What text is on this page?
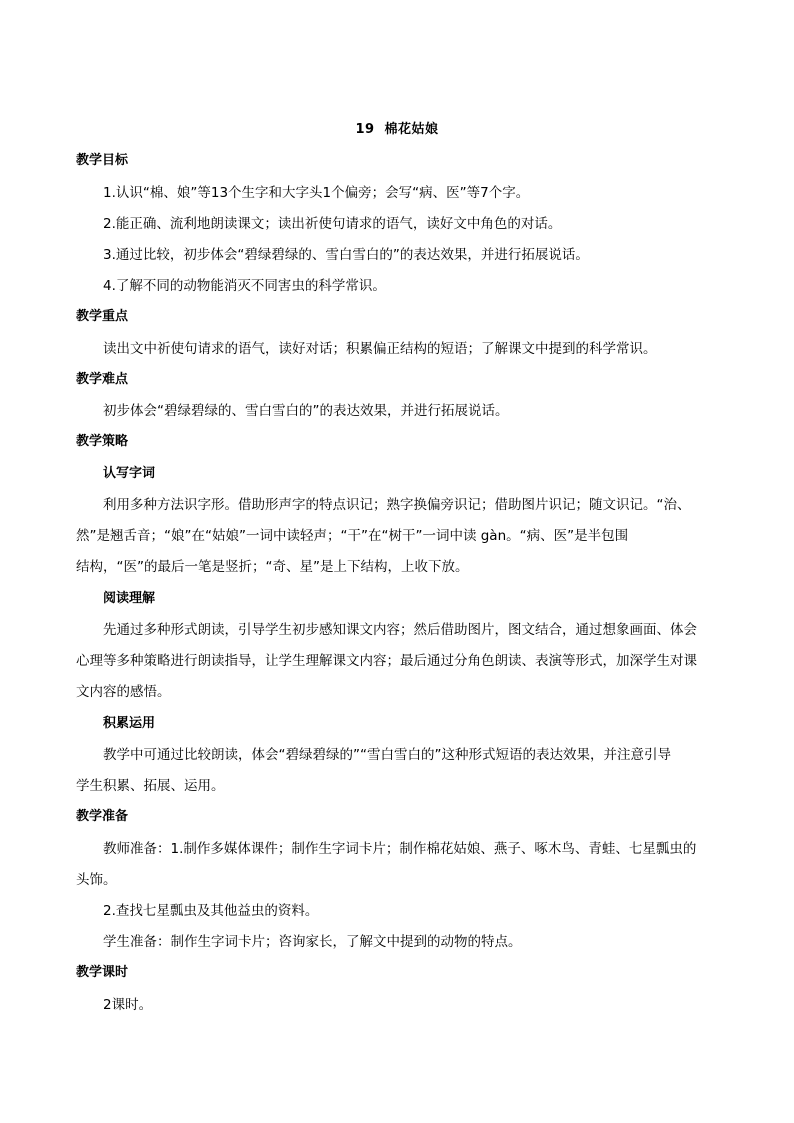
19 棉花姑娘
教学目标
1.认识“棉、娘”等13个生字和大字头1个偏旁；会写“病、医”等7个字。
2.能正确、流利地朗读课文；读出祈使句请求的语气，读好文中角色的对话。
3.通过比较，初步体会“碧绿碧绿的、雪白雪白的”的表达效果，并进行拓展说话。
4.了解不同的动物能消灭不同害虫的科学常识。
教学重点
读出文中祈使句请求的语气，读好对话；积累偏正结构的短语；了解课文中提到的科学常识。
教学难点
初步体会“碧绿碧绿的、雪白雪白的”的表达效果，并进行拓展说话。
教学策略
认写字词
利用多种方法识字形。借助形声字的特点识记；熟字换偏旁识记；借助图片识记；随文识记。“治、
然”是翘舌音；“娘”在“姑娘”一词中读轻声；“干”在“树干”一词中读 gàn。“病、医”是半包围
结构，“医”的最后一笔是竖折；“奇、星”是上下结构，上收下放。
阅读理解
先通过多种形式朗读，引导学生初步感知课文内容；然后借助图片，图文结合，通过想象画面、体会
心理等多种策略进行朗读指导，让学生理解课文内容；最后通过分角色朗读、表演等形式，加深学生对课
文内容的感悟。
积累运用
教学中可通过比较朗读，体会“碧绿碧绿的”“雪白雪白的”这种形式短语的表达效果，并注意引导
学生积累、拓展、运用。
教学准备
教师准备：1.制作多媒体课件；制作生字词卡片；制作棉花姑娘、燕子、啄木鸟、青蛙、七星瓢虫的
头饰。
2.查找七星瓢虫及其他益虫的资料。
学生准备：制作生字词卡片；咨询家长，了解文中提到的动物的特点。
教学课时
2课时。
